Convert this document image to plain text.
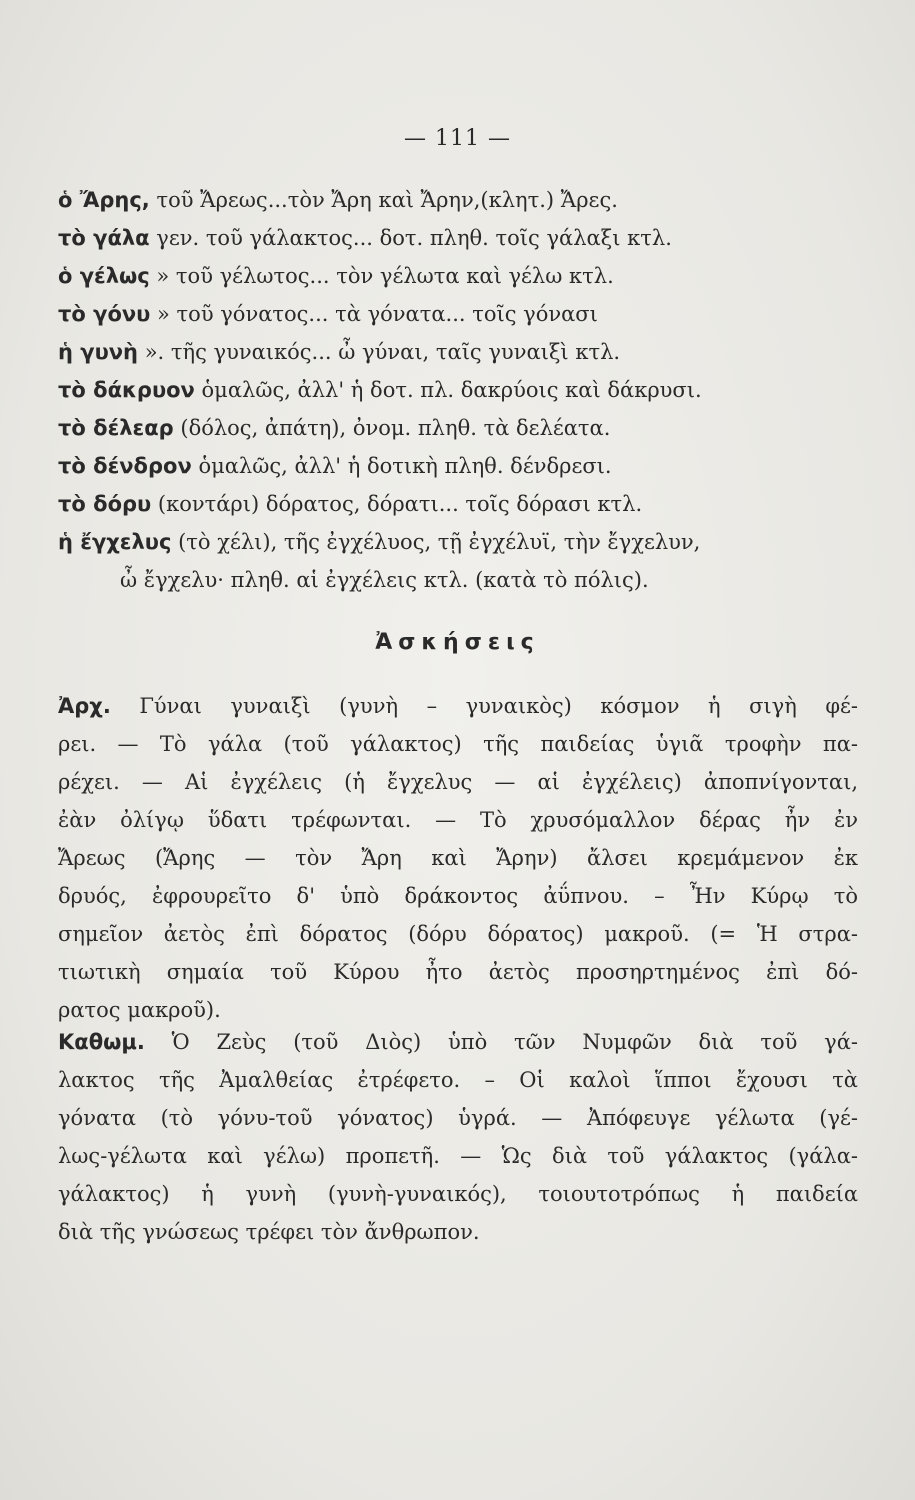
— 111 —
ὁ Ἄρης, τοῦ Ἄρεως...τὸν Ἄρη καὶ Ἄρην,(κλητ.) Ἄρες.
τὸ γάλα γεν. τοῦ γάλακτος... δοτ. πληθ. τοῖς γάλαξι κτλ.
ὁ γέλως » τοῦ γέλωτος... τὸν γέλωτα καὶ γέλω κτλ.
τὸ γόνυ » τοῦ γόνατος... τὰ γόνατα... τοῖς γόνασι
ἡ γυνὴ ». τῆς γυναικός... ὦ γύναι, ταῖς γυναιξὶ κτλ.
τὸ δάκρυον ὁμαλῶς, ἀλλ' ἡ δοτ. πλ. δακρύοις καὶ δάκρυσι.
τὸ δέλεαρ (δόλος, ἀπάτη), ὀνομ. πληθ. τὰ δελέατα.
τὸ δένδρον ὁμαλῶς, ἀλλ' ἡ δοτικὴ πληθ. δένδρεσι.
τὸ δόρυ (κοντάρι) δόρατος, δόρατι... τοῖς δόρασι κτλ.
ἡ ἔγχελυς (τὸ χέλι), τῆς ἐγχέλυος, τῇ ἐγχέλυϊ, τὴν ἔγχελυν,
ὦ ἔγχελυ· πληθ. αἱ ἐγχέλεις κτλ. (κατὰ τὸ πόλις).
Ἀσκήσεις
Ἀρχ. Γύναι γυναιξὶ (γυνὴ – γυναικὸς) κόσμον ἡ σιγὴ φέ-
ρει. — Τὸ γάλα (τοῦ γάλακτος) τῆς παιδείας ὑγιᾶ τροφὴν πα-
ρέχει. — Αἱ ἐγχέλεις (ἡ ἔγχελυς — αἱ ἐγχέλεις) ἀποπνίγονται,
ἐὰν ὀλίγῳ ὕδατι τρέφωνται. — Τὸ χρυσόμαλλον δέρας ἦν ἐν
Ἄρεως (Ἄρης — τὸν Ἄρη καὶ Ἄρην) ἄλσει κρεμάμενον ἐκ
δρυός, ἐφρουρεῖτο δ' ὑπὸ δράκοντος ἀΰπνου. – Ἦν Κύρῳ τὸ
σημεῖον ἀετὸς ἐπὶ δόρατος (δόρυ δόρατος) μακροῦ. (= Ἡ στρα-
τιωτικὴ σημαία τοῦ Κύρου ἦτο ἀετὸς προσηρτημένος ἐπὶ δό-
ρατος μακροῦ).
Καθωμ. Ὁ Ζεὺς (τοῦ Διὸς) ὑπὸ τῶν Νυμφῶν διὰ τοῦ γά-
λακτος τῆς Ἀμαλθείας ἐτρέφετο. – Οἱ καλοὶ ἵπποι ἔχουσι τὰ
γόνατα (τὸ γόνυ-τοῦ γόνατος) ὑγρά. — Ἀπόφευγε γέλωτα (γέ-
λως-γέλωτα καὶ γέλω) προπετῆ. — Ὡς διὰ τοῦ γάλακτος (γάλα-
γάλακτος) ἡ γυνὴ (γυνὴ-γυναικός), τοιουτοτρόπως ἡ παιδεία
διὰ τῆς γνώσεως τρέφει τὸν ἄνθρωπον.
